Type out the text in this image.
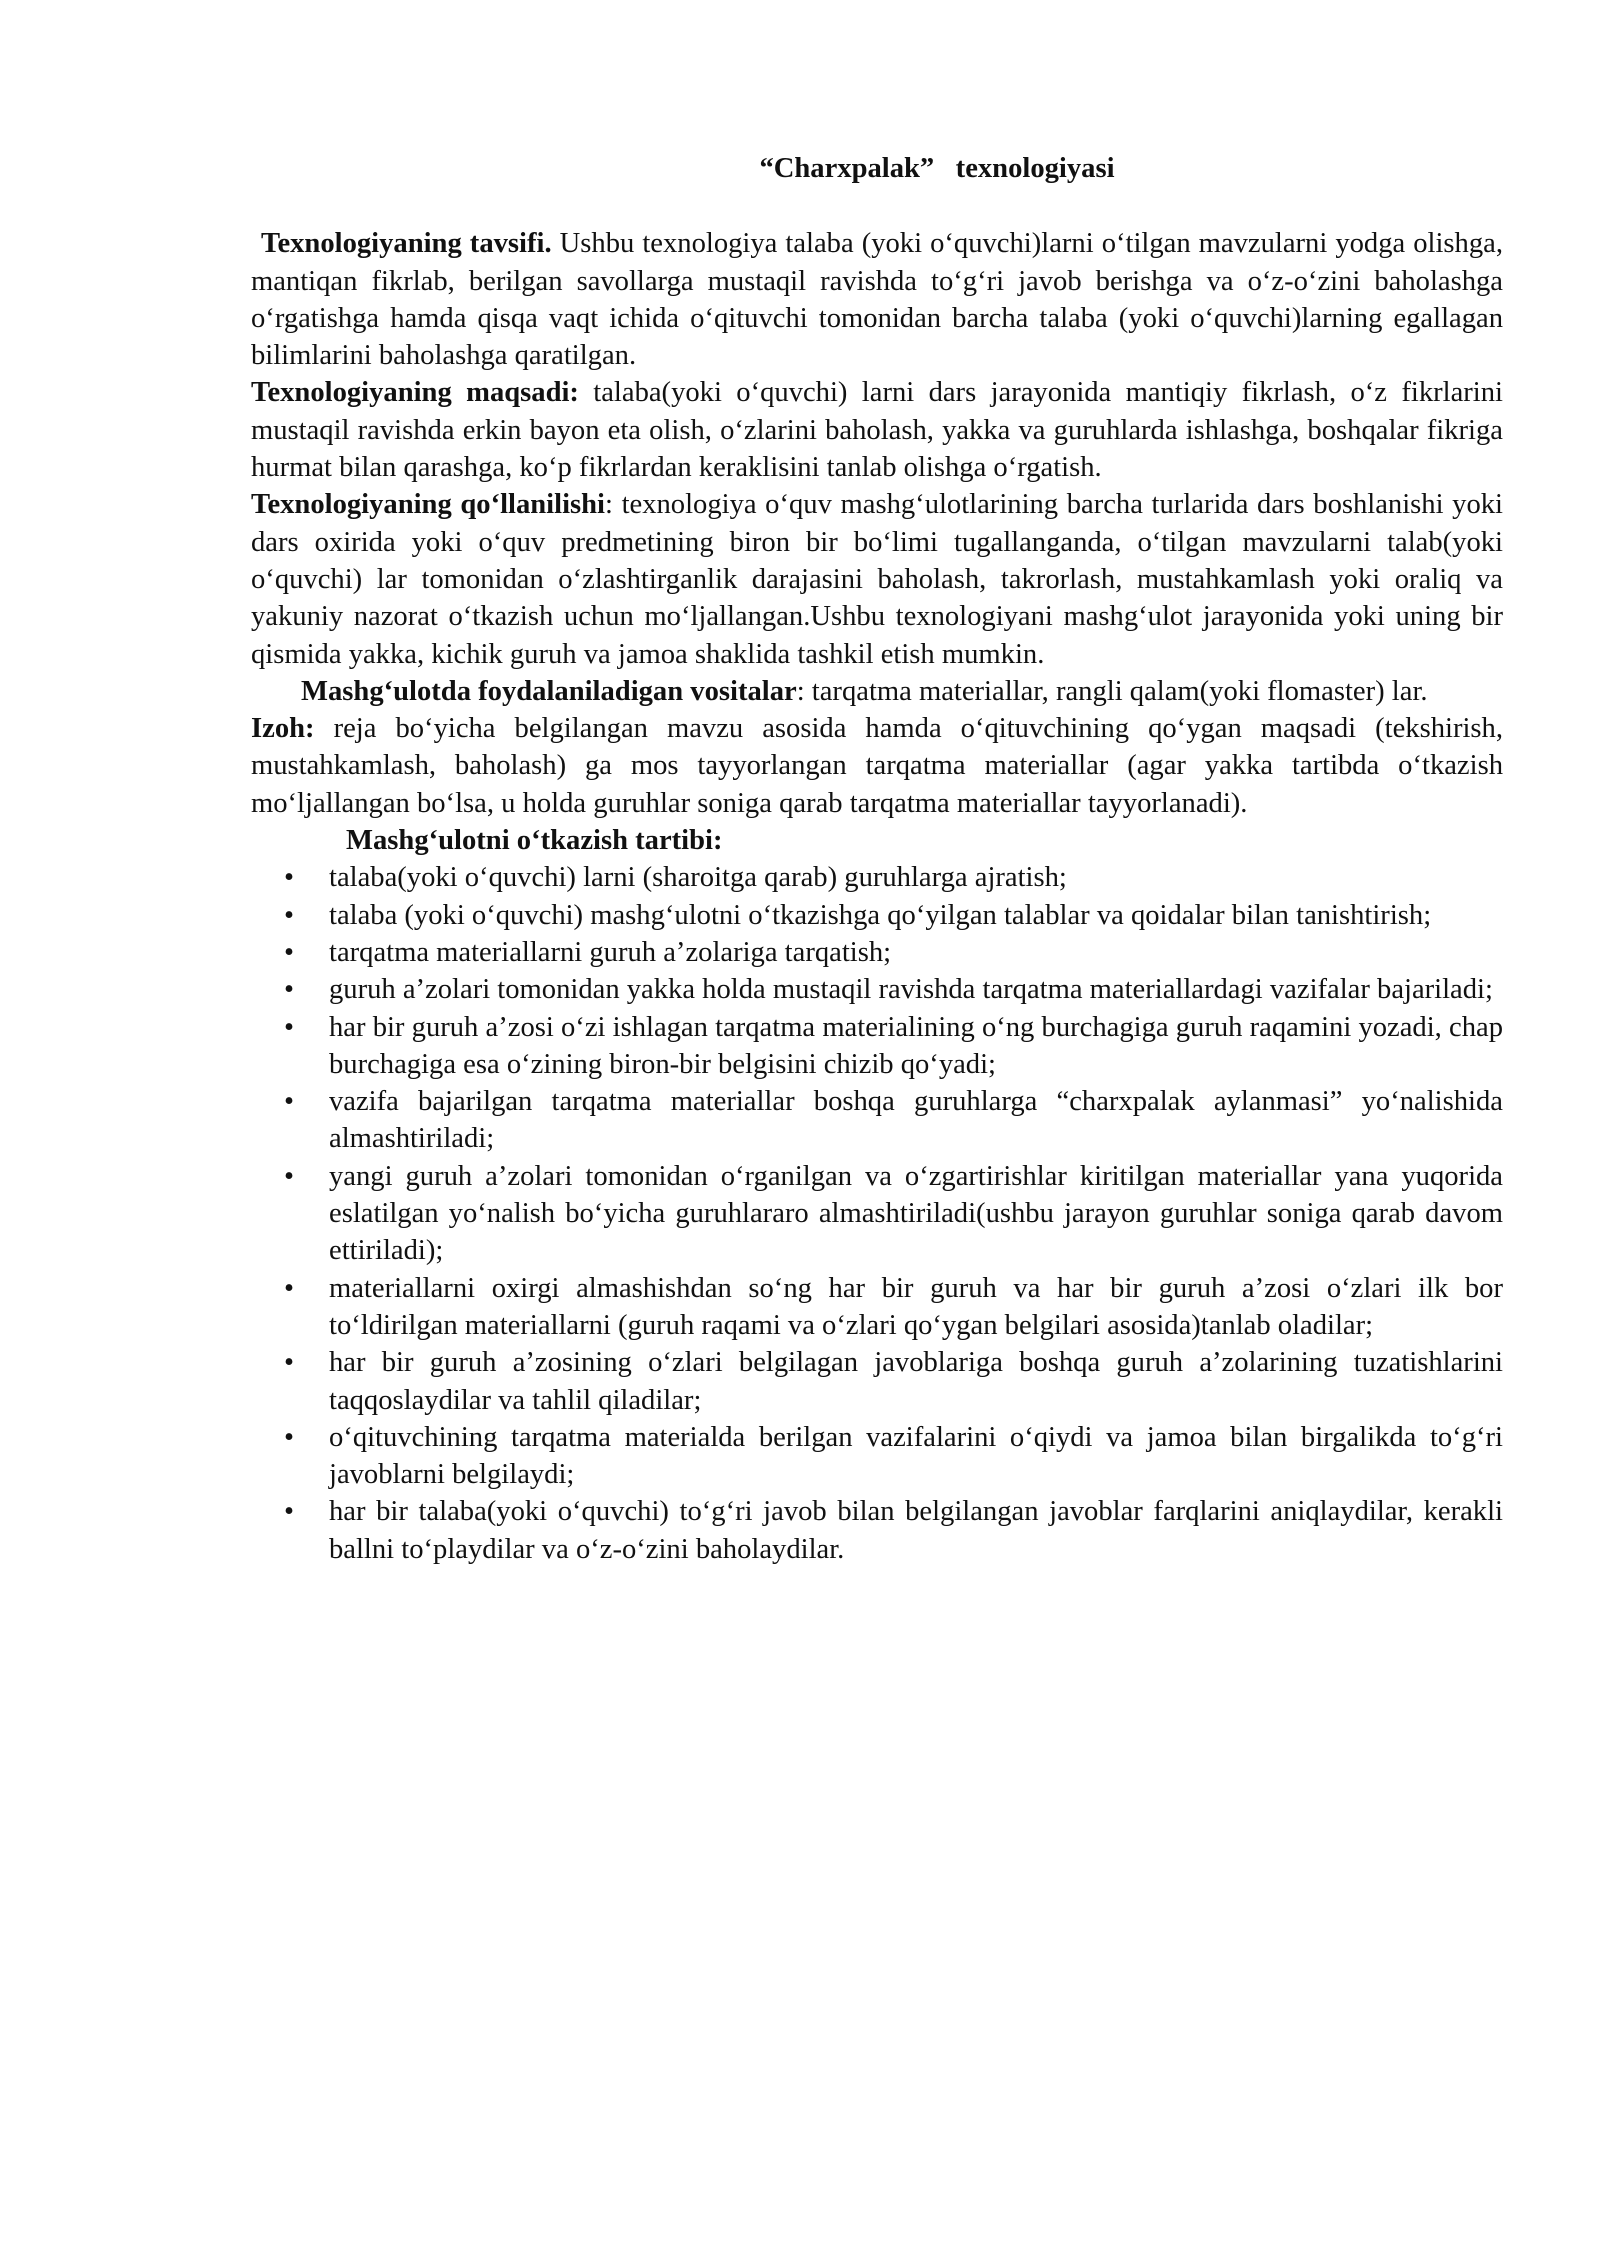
“Charxpalak”   texnologiyasi

Texnologiyaning tavsifi. Ushbu texnologiya talaba (yoki o‘quvchi)larni o‘tilgan mavzularni yodga olishga, mantiqan fikrlab, berilgan savollarga mustaqil ravishda to‘g‘ri javob berishga va o‘z-o‘zini baholashga o‘rgatishga hamda qisqa vaqt ichida o‘qituvchi tomonidan barcha talaba (yoki o‘quvchi)larning egallagan bilimlarini baholashga qaratilgan.

Texnologiyaning maqsadi: talaba(yoki o‘quvchi) larni dars jarayonida mantiqiy fikrlash, o‘z fikrlarini mustaqil ravishda erkin bayon eta olish, o‘zlarini baholash, yakka va guruhlarda ishlashga, boshqalar fikriga hurmat bilan qarashga, ko‘p fikrlardan keraklisini tanlab olishga o‘rgatish.

Texnologiyaning qo‘llanilishi: texnologiya o‘quv mashg‘ulotlarining barcha turlarida dars boshlanishi yoki dars oxirida yoki o‘quv predmetining biron bir bo‘limi tugallanganda, o‘tilgan mavzularni talab(yoki o‘quvchi) lar tomonidan o‘zlashtirganlik darajasini baholash, takrorlash, mustahkamlash yoki oraliq va yakuniy nazorat o‘tkazish uchun mo‘ljallangan.Ushbu texnologiyani mashg‘ulot jarayonida yoki uning bir qismida yakka, kichik guruh va jamoa shaklida tashkil etish mumkin.

Mashg‘ulotda foydalaniladigan vositalar: tarqatma materiallar, rangli qalam(yoki flomaster) lar.

Izoh: reja bo‘yicha belgilangan mavzu asosida hamda o‘qituvchining qo‘ygan maqsadi (tekshirish, mustahkamlash, baholash) ga mos tayyorlangan tarqatma materiallar (agar yakka tartibda o‘tkazish mo‘ljallangan bo‘lsa, u holda guruhlar soniga qarab tarqatma materiallar tayyorlanadi).

Mashg‘ulotni o‘tkazish tartibi:
• talaba(yoki o‘quvchi) larni (sharoitga qarab) guruhlarga ajratish;
• talaba (yoki o‘quvchi) mashg‘ulotni o‘tkazishga qo‘yilgan talablar va qoidalar bilan tanishtirish;
• tarqatma materiallarni guruh a’zolariga tarqatish;
• guruh a’zolari tomonidan yakka holda mustaqil ravishda tarqatma materiallardagi vazifalar bajariladi;
• har bir guruh a’zosi o‘zi ishlagan tarqatma materialining o‘ng burchagiga guruh raqamini yozadi, chap burchagiga esa o‘zining biron-bir belgisini chizib qo‘yadi;
• vazifa bajarilgan tarqatma materiallar boshqa guruhlarga “charxpalak aylanmasi” yo‘nalishida almashtiriladi;
• yangi guruh a’zolari tomonidan o‘rganilgan va o‘zgartirishlar kiritilgan materiallar yana yuqorida eslatilgan yo‘nalish bo‘yicha guruhlararo almashtiriladi(ushbu jarayon guruhlar soniga qarab davom ettiriladi);
• materiallarni oxirgi almashishdan so‘ng har bir guruh va har bir guruh a’zosi o‘zlari ilk bor to‘ldirilgan materiallarni (guruh raqami va o‘zlari qo‘ygan belgilari asosida)tanlab oladilar;
• har bir guruh a’zosining o‘zlari belgilagan javoblariga boshqa guruh a’zolarining tuzatishlarini taqqoslaydilar va tahlil qiladilar;
• o‘qituvchining tarqatma materialda berilgan vazifalarini o‘qiydi va jamoa bilan birgalikda to‘g‘ri javoblarni belgilaydi;
• har bir talaba(yoki o‘quvchi) to‘g‘ri javob bilan belgilangan javoblar farqlarini aniqlaydilar, kerakli ballni to‘playdilar va o‘z-o‘zini baholaydilar.
